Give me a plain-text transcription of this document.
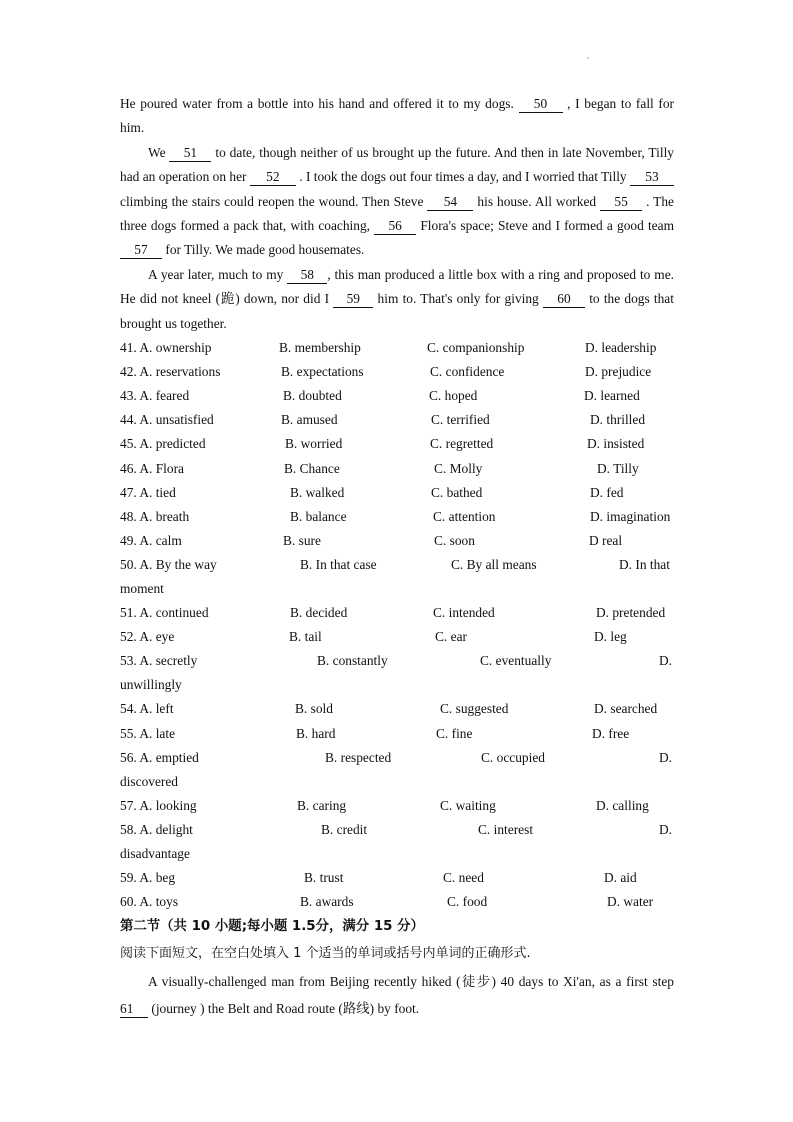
He poured water from a bottle into his hand and offered it to my dogs. 50 , I began to fall for him.

We 51 to date, though neither of us brought up the future. And then in late November, Tilly had an operation on her 52 . I took the dogs out four times a day, and I worried that Tilly 53 climbing the stairs could reopen the wound. Then Steve 54 his house. All worked 55 . The three dogs formed a pack that, with coaching, 56 Flora's space; Steve and I formed a good team 57 for Tilly. We made good housemates.

A year later, much to my 58 , this man produced a little box with a ring and proposed to me. He did not kneel (跪) down, nor did I 59 him to. That's only for giving 60 to the dogs that brought us together.

41. A. ownership	B. membership	C. companionship	D. leadership
42. A. reservations	B. expectations	C. confidence	D. prejudice
43. A. feared	B. doubted	C. hoped	D. learned
44. A. unsatisfied	B. amused	C. terrified	D. thrilled
45. A. predicted	B. worried	C. regretted	D. insisted
46. A. Flora	B. Chance	C. Molly	D. Tilly
47. A. tied	B. walked	C. bathed	D. fed
48. A. breath	B. balance	C. attention	D. imagination
49. A. calm	B. sure	C. soon	D real
50. A. By the way	B. In that case	C. By all means	D. In that
moment
51. A. continued	B. decided	C. intended	D. pretended
52. A. eye	B. tail	C. ear	D. leg
53. A. secretly	B. constantly	C. eventually	D.
unwillingly
54. A. left	B. sold	C. suggested	D. searched
55. A. late	B. hard	C. fine	D. free
56. A. emptied	B. respected	C. occupied	D.
discovered
57. A. looking	B. caring	C. waiting	D. calling
58. A. delight	B. credit	C. interest	D.
disadvantage
59. A. beg	B. trust	C. need	D. aid
60. A. toys	B. awards	C. food	D. water
第二节（共 10 小题;每小题 1.5分，满分 15 分）
阅读下面短文，在空白处填入 1 个适当的单词或括号内单词的正确形式.

A visually-challenged man from Beijing recently hiked (徒步) 40 days to Xi'an, as a first step 61 (journey ) the Belt and Road route (路线) by foot.
